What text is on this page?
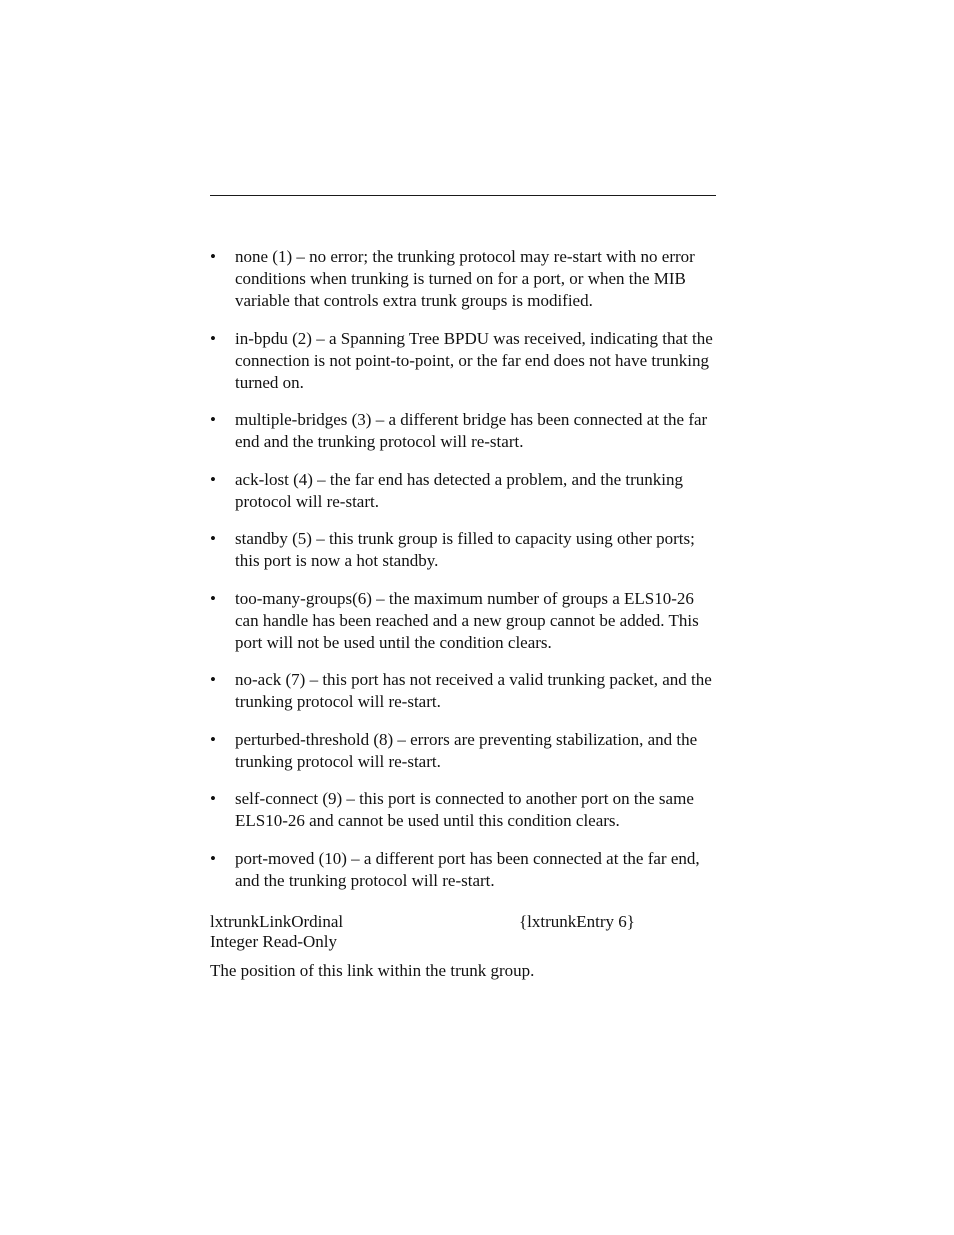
•	none (1) – no error; the trunking protocol may re-start with no error conditions when trunking is turned on for a port, or when the MIB variable that controls extra trunk groups is modified.
•	in-bpdu (2) – a Spanning Tree BPDU was received, indicating that the connection is not point-to-point, or the far end does not have trunking turned on.
•	multiple-bridges (3) – a different bridge has been connected at the far end and the trunking protocol will re-start.
•	ack-lost (4) – the far end has detected a problem, and the trunking protocol will re-start.
•	standby (5) – this trunk group is filled to capacity using other ports; this port is now a hot standby.
•	too-many-groups(6) – the maximum number of groups a ELS10-26 can handle has been reached and a new group cannot be added. This port will not be used until the condition clears.
•	no-ack (7) – this port has not received a valid trunking packet, and the trunking protocol will re-start.
•	perturbed-threshold (8) – errors are preventing stabilization, and the trunking protocol will re-start.
•	self-connect (9) – this port is connected to another port on the same ELS10-26 and cannot be used until this condition clears.
•	port-moved (10) – a different port has been connected at the far end, and the trunking protocol will re-start.
lxtrunkLinkOrdinal	{lxtrunkEntry 6}
Integer Read-Only
The position of this link within the trunk group.
